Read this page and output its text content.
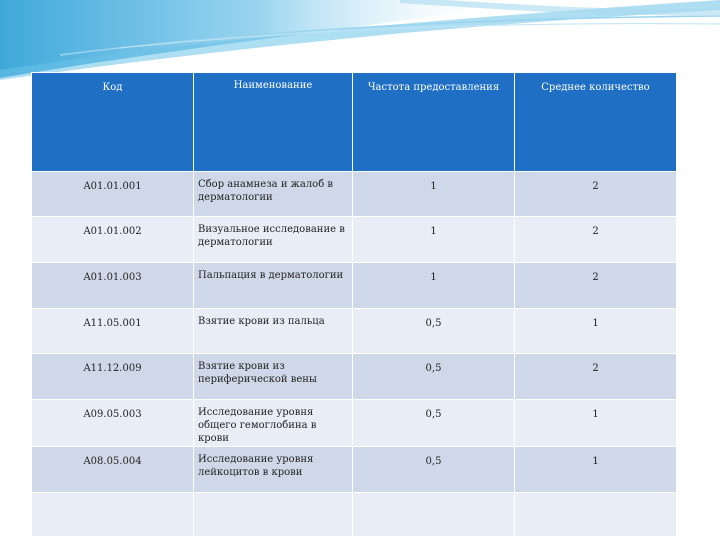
Код	Наименование	Частота предоставления	Среднее количество
A01.01.001	Сбор анамнеза и жалоб в дерматологии	1	2
A01.01.002	Визуальное исследование в дерматологии	1	2
A01.01.003	Пальпация в дерматологии	1	2
A11.05.001	Взятие крови из пальца	0,5	1
A11.12.009	Взятие крови из периферической вены	0,5	2
A09.05.003	Исследование уровня общего гемоглобина в крови	0,5	1
A08.05.004	Исследование уровня лейкоцитов в крови	0,5	1
